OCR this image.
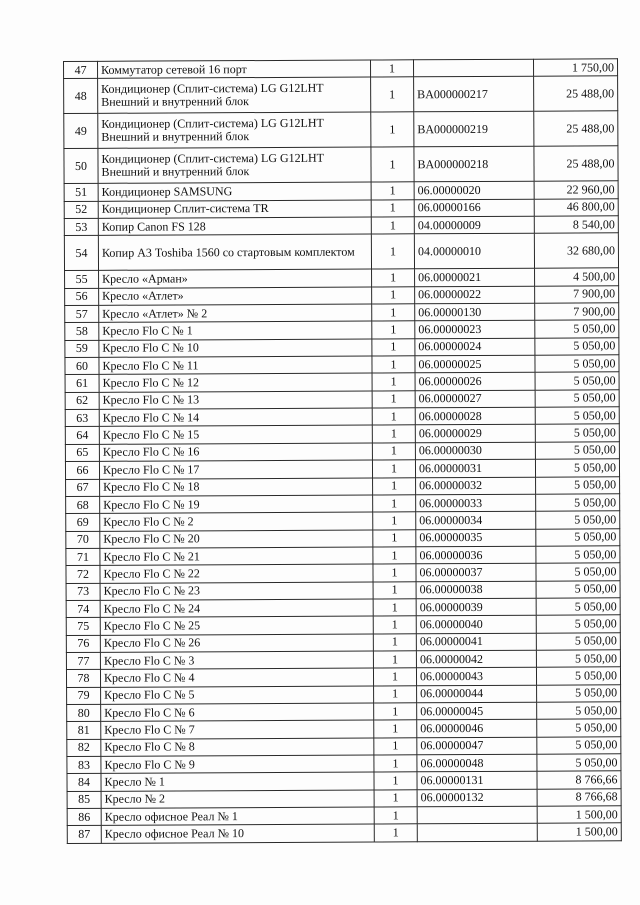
47	Коммутатор сетевой 16 порт	1		1 750,00
48	Кондиционер (Сплит-система) LG G12LHT Внешний и внутренний блок	1	BA000000217	25 488,00
49	Кондиционер (Сплит-система) LG G12LHT Внешний и внутренний блок	1	BA000000219	25 488,00
50	Кондиционер (Сплит-система) LG G12LHT Внешний и внутренний блок	1	BA000000218	25 488,00
51	Кондиционер SAMSUNG	1	06.00000020	22 960,00
52	Кондиционер Сплит-система TR	1	06.00000166	46 800,00
53	Копир Canon FS 128	1	04.00000009	8 540,00
54	Копир А3 Toshiba 1560 со стартовым комплектом	1	04.00000010	32 680,00
55	Кресло «Арман»	1	06.00000021	4 500,00
56	Кресло «Атлет»	1	06.00000022	7 900,00
57	Кресло «Атлет» № 2	1	06.00000130	7 900,00
58	Кресло Flo C № 1	1	06.00000023	5 050,00
59	Кресло Flo C № 10	1	06.00000024	5 050,00
60	Кресло Flo C № 11	1	06.00000025	5 050,00
61	Кресло Flo C № 12	1	06.00000026	5 050,00
62	Кресло Flo C № 13	1	06.00000027	5 050,00
63	Кресло Flo C № 14	1	06.00000028	5 050,00
64	Кресло Flo C № 15	1	06.00000029	5 050,00
65	Кресло Flo C № 16	1	06.00000030	5 050,00
66	Кресло Flo C № 17	1	06.00000031	5 050,00
67	Кресло Flo C № 18	1	06.00000032	5 050,00
68	Кресло Flo C № 19	1	06.00000033	5 050,00
69	Кресло Flo C № 2	1	06.00000034	5 050,00
70	Кресло Flo C № 20	1	06.00000035	5 050,00
71	Кресло Flo C № 21	1	06.00000036	5 050,00
72	Кресло Flo C № 22	1	06.00000037	5 050,00
73	Кресло Flo C № 23	1	06.00000038	5 050,00
74	Кресло Flo C № 24	1	06.00000039	5 050,00
75	Кресло Flo C № 25	1	06.00000040	5 050,00
76	Кресло Flo C № 26	1	06.00000041	5 050,00
77	Кресло Flo C № 3	1	06.00000042	5 050,00
78	Кресло Flo C № 4	1	06.00000043	5 050,00
79	Кресло Flo C № 5	1	06.00000044	5 050,00
80	Кресло Flo C № 6	1	06.00000045	5 050,00
81	Кресло Flo C № 7	1	06.00000046	5 050,00
82	Кресло Flo C № 8	1	06.00000047	5 050,00
83	Кресло Flo C № 9	1	06.00000048	5 050,00
84	Кресло № 1	1	06.00000131	8 766,66
85	Кресло № 2	1	06.00000132	8 766,68
86	Кресло офисное Реал № 1	1		1 500,00
87	Кресло офисное Реал № 10	1		1 500,00
